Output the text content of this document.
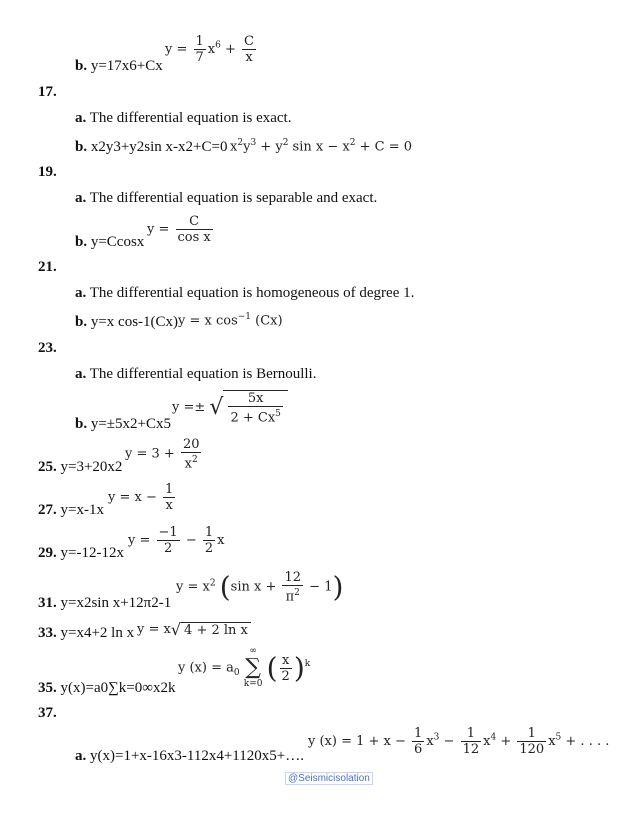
b. y=17x6+Cx
$y = \frac{1}{7} x^6 + \frac{C}{x}$
17.
a. The differential equation is exact.
b. x2y3+y2sin x-x2+C=0 $x^2y^3 + y^2$ $\sin x - x^2 + C = 0$
19.
a. The differential equation is separable and exact.
b. y=Ccosx
$y = \frac{C}{\text{cos x}}$
21.
a. The differential equation is homogeneous of degree 1.
b. y=x cos-1(Cx) y = x $\cos^{-1} (Cx)$
23.
a. The differential equation is Bernoulli.
b. y=±5x2+Cx5
y =± √ $\frac{5x}{2 + Cx^5}$
25. y=3+20x2
$y = 3 + \frac{20}{x^2}$
27. y=x-1x
$y = x - \frac{1}{x}$
29. y=-12-12x
$y = \frac{-1}{2} - \frac{1}{2}$ x
31. y=x2sin x+12π2-1
$y = x^2$ (sin $x + \frac{12}{\pi^2} - 1$)
33. y=x4+2 ln x y = x√ 4 + 2 ln x
35. y(x)=a0∑k=0∞x2k
y $(x) = a_0$
∞
∑
k=0 ( $\frac{x}{2} )^k$
37.
a. y(x)=1+x-16x3-112x4+1120x5+….
y $(x) = 1 + x - \frac{1}{6} x^3 - \frac{1}{12} x^4 + \frac{1}{120} x^5$ + . . . .
@Seismicisolation
